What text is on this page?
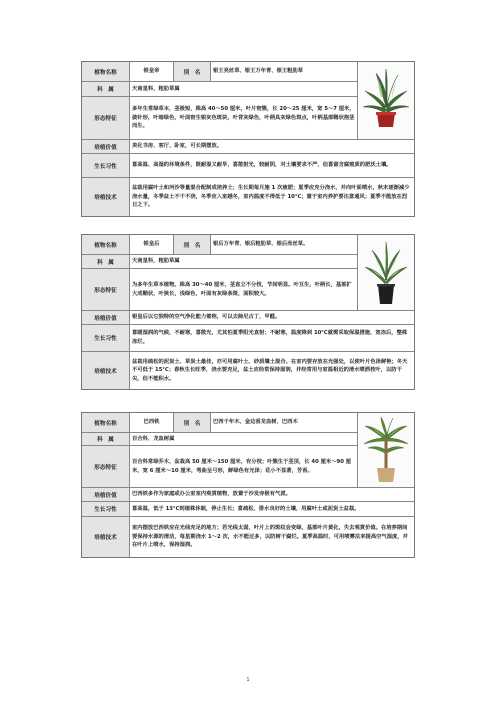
植物名称	银皇帝	别　名	银王亮丝草、银王万年青、银王粗肋草
科　属	天南星科，粗肋草属
形态特征
多年生常绿草本，茎极短，株高 40～50 厘米，叶片密簇，长 20～25 厘米，宽 5～7 厘米，披针形，叶暗绿色，叶面密生银灰色斑块，叶背灰绿色，叶柄具灰绿色斑点，叶柄基部鞘状抱茎而生。
培植价值	美化书房、客厅、卧室，可长期摆放。
生长习性	喜高温、高湿的环境条件，既耐湿又耐旱，喜散射光，较耐阴，对土壤要求不严，但喜富含腐殖质的肥沃土壤。
培植技术
盆栽用腐叶土和河沙等量混合配制成培养土；生长期每月施 1 次液肥；夏季应充分浇水，并向叶面喷水，秋末逐渐减少浇水量，冬季盆土不干不浇，冬季应入室越冬，室内温度不得低于 10℃；置于室内养护要注意通风；夏季不能放在烈日之下。
植物名称	银皇后	别　名	银后万年青、银后粗肋草、银后亮丝草。
科　属	天南星科，粗肋草属
形态特征
为多年生草本植物。株高 30～40 厘米，茎直立不分枝，节间明显。叶互生，叶柄长，基部扩大成鞘状，叶狭长，浅绿色，叶面有灰绿条斑，面积较大。
培植价值	银皇后以它独特的空气净化能力着称，可以去除尼古丁，甲醛。
生长习性
喜暖湿润的气候，不耐寒，喜散光，尤其怕夏季阳光直射；不耐寒，温度降到 10℃就需采取保温措施，宽冻后，整株冻烂。
培植技术
盆栽用疏松的泥炭土、草炭土最佳，亦可用腐叶土、砂质壤土混合。在室内要存放在光强处，以使叶片色泽鲜艳；冬天不可低于 15℃；春秋生长旺季，浇水要充足，盆土应经常保持湿润，并经常用与室温相近的清水喷洒枝叶，以防干尖，但不能积水。
植物名称	巴西铁	别　名	巴西千年木、金边香龙血树、巴西木
科　属	百合科、龙血树属
形态特征
百合科常绿乔木，盆栽高 50 厘米～150 厘米，有分枝；叶簇生于茎顶，长 40 厘米～90 厘米，宽 6 厘米～10 厘米，弯曲呈弓形，鲜绿色有光泽；花小不显著，芳香。
培植价值	巴西铁多作为家庭或办公室室内观赏植物，放置于沙发旁极有气派。
生长习性	喜高温，低于 13℃则植株休眠，停止生长；喜疏松、排水良好的土壤，用腐叶土或泥炭土盆栽。
培植技术
室内摆放巴西铁应在光线充足的地方；若光线太弱，叶片上的斑纹会变绿，基部叶片黄化，失去观赏价值。在培养期间要保持水源的清洁，每星期浇水 1～2 次，水不能过多，以防树干腐烂。夏季高温时，可用喷雾法来提高空气湿度，并在叶片上喷水，保持湿润。
1
